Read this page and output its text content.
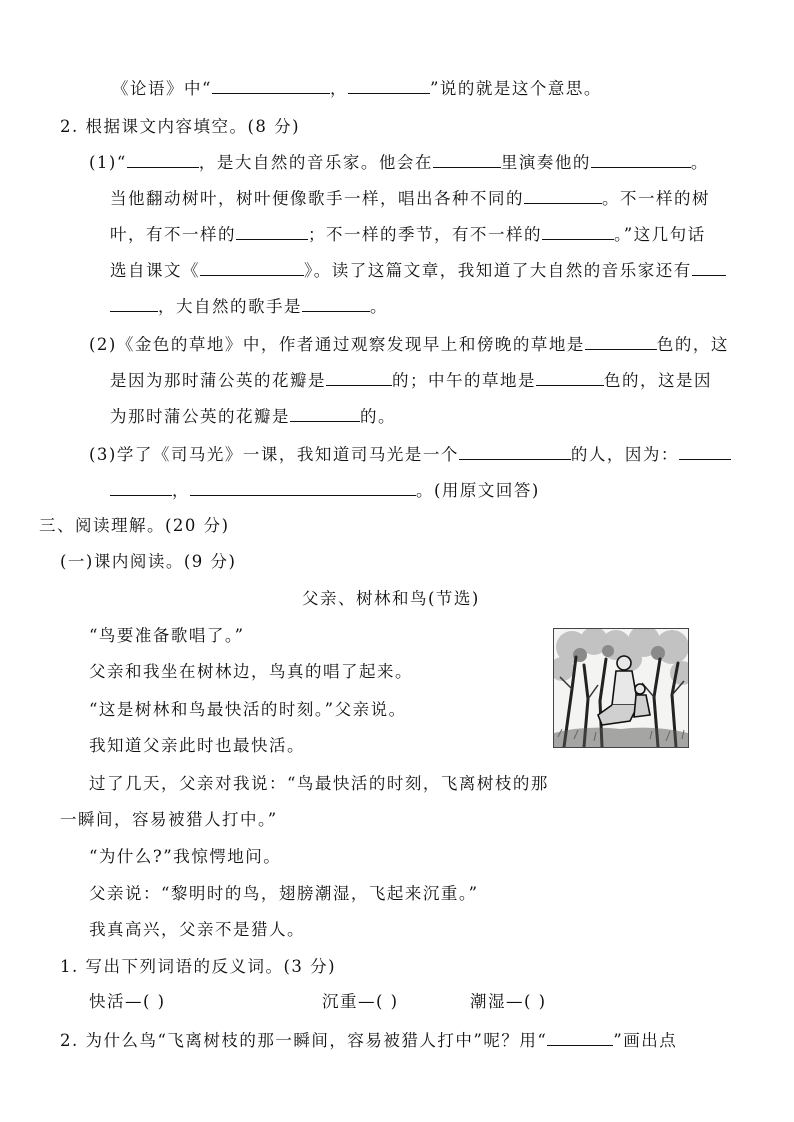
《论语》中“	，	”说的就是这个意思。
2. 根据课文内容填空。(8 分)
(1)“	，是大自然的音乐家。他会在	里演奏他的	。
当他翻动树叶，树叶便像歌手一样，唱出各种不同的	。不一样的树
叶，有不一样的	；不一样的季节，有不一样的	。”这几句话
选自课文《	》。读了这篇文章，我知道了大自然的音乐家还有
，大自然的歌手是	。
(2)《金色的草地》中，作者通过观察发现早上和傍晚的草地是	色的，这
是因为那时蒲公英的花瓣是	的；中午的草地是	色的，这是因
为那时蒲公英的花瓣是	的。
(3)学了《司马光》一课，我知道司马光是一个	的人，因为：
，	。(用原文回答)
三、阅读理解。(20 分)
(一)课内阅读。(9 分)
父亲、树林和鸟(节选)
“鸟要准备歌唱了。”
父亲和我坐在树林边，鸟真的唱了起来。
“这是树林和鸟最快活的时刻。”父亲说。
我知道父亲此时也最快活。
过了几天，父亲对我说：“鸟最快活的时刻，飞离树枝的那
一瞬间，容易被猎人打中。”
“为什么?”我惊愕地问。
父亲说：“黎明时的鸟，翅膀潮湿，飞起来沉重。”
我真高兴，父亲不是猎人。
1. 写出下列词语的反义词。(3 分)
快活—( )	沉重—( )	潮湿—( )
2. 为什么鸟“飞离树枝的那一瞬间，容易被猎人打中”呢？用“	”画出点
